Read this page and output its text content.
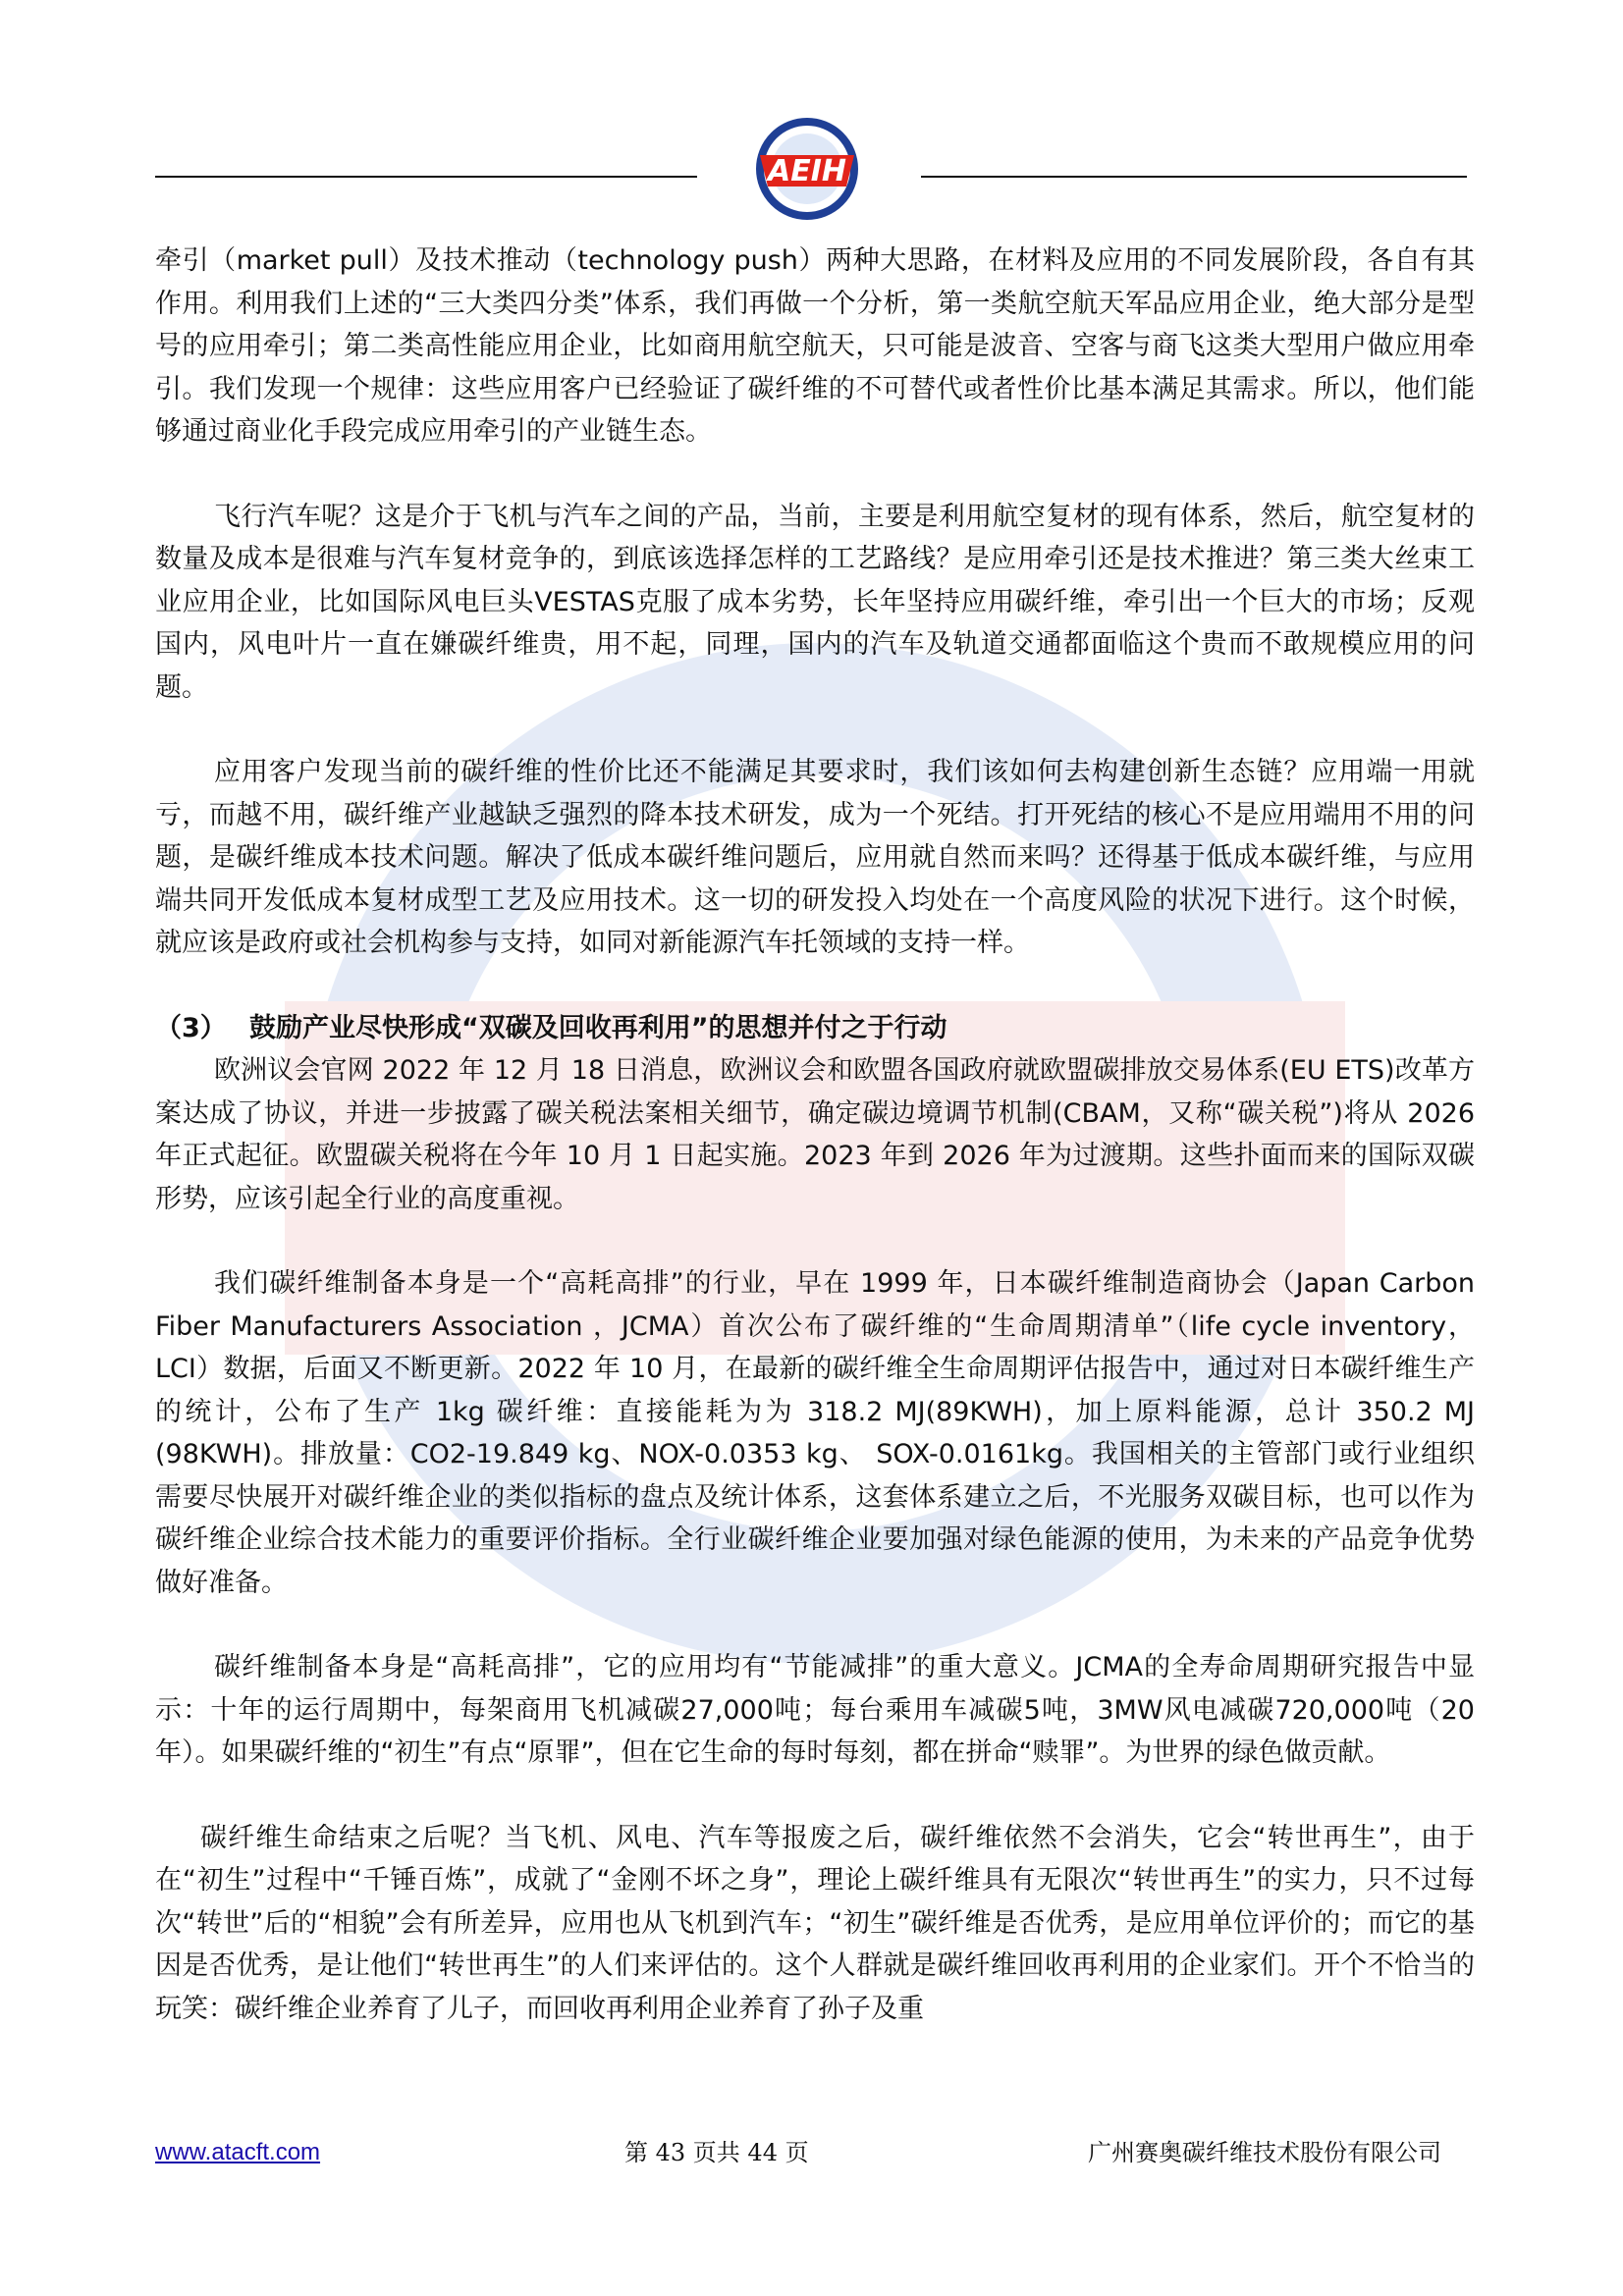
AEIH

牵引（market pull）及技术推动（technology push）两种大思路，在材料及应用的不同发展阶段，各自有其作用。利用我们上述的“三大类四分类”体系，我们再做一个分析，第一类航空航天军品应用企业，绝大部分是型号的应用牵引；第二类高性能应用企业，比如商用航空航天，只可能是波音、空客与商飞这类大型用户做应用牵引。我们发现一个规律：这些应用客户已经验证了碳纤维的不可替代或者性价比基本满足其需求。所以，他们能够通过商业化手段完成应用牵引的产业链生态。

飞行汽车呢？这是介于飞机与汽车之间的产品，当前，主要是利用航空复材的现有体系，然后，航空复材的数量及成本是很难与汽车复材竞争的，到底该选择怎样的工艺路线？是应用牵引还是技术推进？第三类大丝束工业应用企业，比如国际风电巨头VESTAS克服了成本劣势，长年坚持应用碳纤维，牵引出一个巨大的市场；反观国内，风电叶片一直在嫌碳纤维贵，用不起，同理，国内的汽车及轨道交通都面临这个贵而不敢规模应用的问题。

应用客户发现当前的碳纤维的性价比还不能满足其要求时，我们该如何去构建创新生态链？应用端一用就亏，而越不用，碳纤维产业越缺乏强烈的降本技术研发，成为一个死结。打开死结的核心不是应用端用不用的问题，是碳纤维成本技术问题。解决了低成本碳纤维问题后，应用就自然而来吗？还得基于低成本碳纤维，与应用端共同开发低成本复材成型工艺及应用技术。这一切的研发投入均处在一个高度风险的状况下进行。这个时候，就应该是政府或社会机构参与支持，如同对新能源汽车托领域的支持一样。

（3） 鼓励产业尽快形成“双碳及回收再利用”的思想并付之于行动

欧洲议会官网 2022 年 12 月 18 日消息，欧洲议会和欧盟各国政府就欧盟碳排放交易体系(EU ETS)改革方案达成了协议，并进一步披露了碳关税法案相关细节，确定碳边境调节机制(CBAM，又称“碳关税”)将从 2026 年正式起征。欧盟碳关税将在今年 10 月 1 日起实施。2023 年到 2026 年为过渡期。这些扑面而来的国际双碳形势，应该引起全行业的高度重视。

我们碳纤维制备本身是一个“高耗高排”的行业，早在 1999 年，日本碳纤维制造商协会（Japan Carbon Fiber Manufacturers Association ，JCMA）首次公布了碳纤维的“生命周期清单”（life cycle inventory，LCI）数据，后面又不断更新。2022 年 10 月，在最新的碳纤维全生命周期评估报告中，通过对日本碳纤维生产的统计，公布了生产 1kg 碳纤维：直接能耗为为 318.2 MJ(89KWH)，加上原料能源，总计 350.2 MJ (98KWH)。排放量：CO2-19.849 kg、NOX-0.0353 kg、 SOX-0.0161kg。我国相关的主管部门或行业组织需要尽快展开对碳纤维企业的类似指标的盘点及统计体系，这套体系建立之后，不光服务双碳目标，也可以作为碳纤维企业综合技术能力的重要评价指标。全行业碳纤维企业要加强对绿色能源的使用，为未来的产品竞争优势做好准备。

碳纤维制备本身是“高耗高排”，它的应用均有“节能减排”的重大意义。JCMA的全寿命周期研究报告中显示：十年的运行周期中，每架商用飞机减碳27,000吨；每台乘用车减碳5吨，3MW风电减碳720,000吨（20年）。如果碳纤维的“初生”有点“原罪”，但在它生命的每时每刻，都在拼命“赎罪”。为世界的绿色做贡献。

碳纤维生命结束之后呢？当飞机、风电、汽车等报废之后，碳纤维依然不会消失，它会“转世再生”，由于在“初生”过程中“千锤百炼”，成就了“金刚不坏之身”，理论上碳纤维具有无限次“转世再生”的实力，只不过每次“转世”后的“相貌”会有所差异，应用也从飞机到汽车；“初生”碳纤维是否优秀，是应用单位评价的；而它的基因是否优秀，是让他们“转世再生”的人们来评估的。这个人群就是碳纤维回收再利用的企业家们。开个不恰当的玩笑：碳纤维企业养育了儿子，而回收再利用企业养育了孙子及重

www.atacft.com	第 43 页共 44 页	广州赛奥碳纤维技术股份有限公司
